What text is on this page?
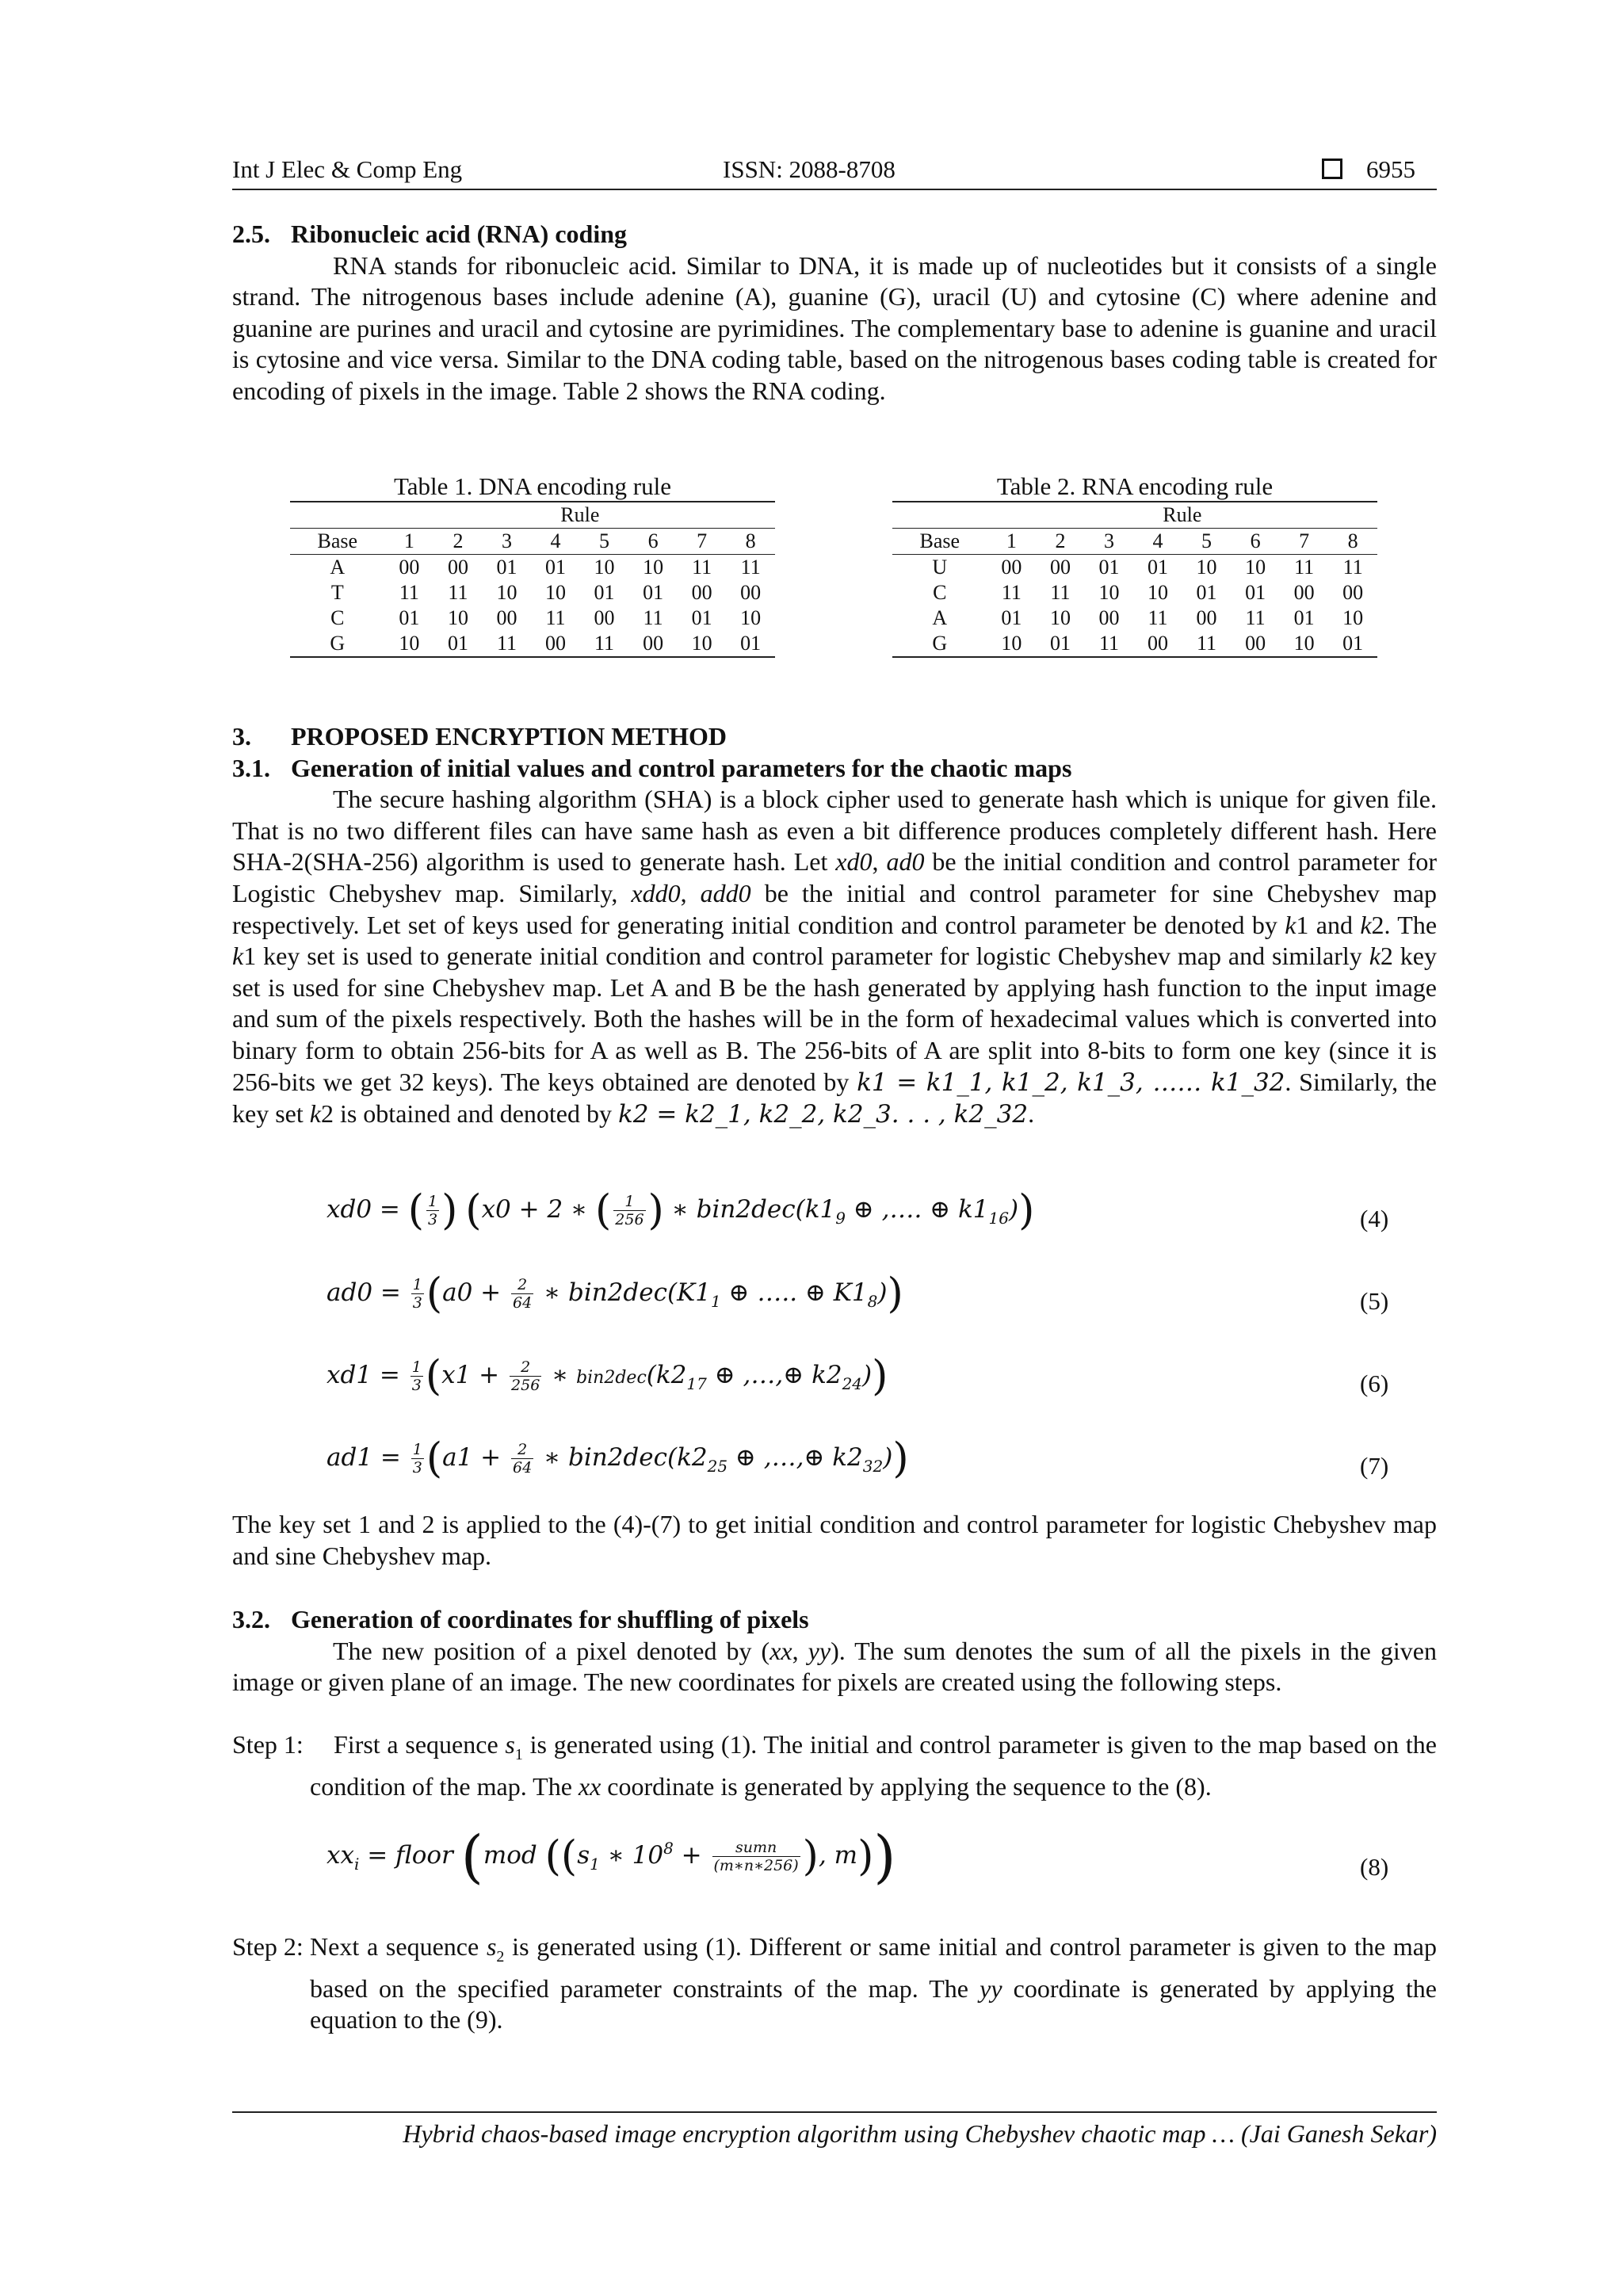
Int J Elec & Comp Eng	ISSN: 2088-8708	6955
2.5. Ribonucleic acid (RNA) coding

RNA stands for ribonucleic acid. Similar to DNA, it is made up of nucleotides but it consists of a single strand. The nitrogenous bases include adenine (A), guanine (G), uracil (U) and cytosine (C) where adenine and guanine are purines and uracil and cytosine are pyrimidines. The complementary base to adenine is guanine and uracil is cytosine and vice versa. Similar to the DNA coding table, based on the nitrogenous bases coding table is created for encoding of pixels in the image. Table 2 shows the RNA coding.

Table 1. DNA encoding rule
	Rule							
Base	1	2	3	4	5	6	7	8
A	00	00	01	01	10	10	11	11
T	11	11	10	10	01	01	00	00
C	01	10	00	11	00	11	01	10
G	10	01	11	00	11	00	10	01
Table 2. RNA encoding rule
	Rule							
Base	1	2	3	4	5	6	7	8
U	00	00	01	01	10	10	11	11
C	11	11	10	10	01	01	00	00
A	01	10	00	11	00	11	01	10
G	10	01	11	00	11	00	10	01
3. PROPOSED ENCRYPTION METHOD
3.1. Generation of initial values and control parameters for the chaotic maps

The secure hashing algorithm (SHA) is a block cipher used to generate hash which is unique for given file. That is no two different files can have same hash as even a bit difference produces completely different hash. Here SHA-2(SHA-256) algorithm is used to generate hash. Let xd0, ad0 be the initial condition and control parameter for Logistic Chebyshev map. Similarly, xdd0, add0 be the initial and control parameter for sine Chebyshev map respectively. Let set of keys used for generating initial condition and control parameter be denoted by k1 and k2. The k1 key set is used to generate initial condition and control parameter for logistic Chebyshev map and similarly k2 key set is used for sine Chebyshev map. Let A and B be the hash generated by applying hash function to the input image and sum of the pixels respectively. Both the hashes will be in the form of hexadecimal values which is converted into binary form to obtain 256-bits for A as well as B. The 256-bits of A are split into 8-bits to form one key (since it is 256-bits we get 32 keys). The keys obtained are denoted by k1 = k1_1, k1_2, k1_3, …… k1_32. Similarly, the key set k2 is obtained and denoted by k2 = k2_1, k2_2, k2_3. . . , k2_32.

xd0 = ( $\frac{1}{3}$ ) (x0 + 2 ∗ ( $\frac{1}{256}$ ) ∗ $bin2dec(k1_9$ ⊕ ,…. ⊕ $k1_{16}$))	(4)
$ad0 = \frac{1}{3} (a0 + \frac{2}{64}$ ∗ $bin2dec(K1_1$ ⊕ ….. ⊕ $K1_8$))	(5)
$xd1 = \frac{1}{3} (x1 + \frac{2}{256}$ ∗ $bin2dec(k2_{17}$ ⊕ ,…,⊕ $k2_{24}$))	(6)
$ad1 = \frac{1}{3} (a1 + \frac{2}{64}$ ∗ $bin2dec(k2_{25}$ ⊕ ,…,⊕ $k2_{32}$))	(7)

The key set 1 and 2 is applied to the (4)-(7) to get initial condition and control parameter for logistic Chebyshev map and sine Chebyshev map.

3.2. Generation of coordinates for shuffling of pixels

The new position of a pixel denoted by (xx, yy). The sum denotes the sum of all the pixels in the given image or given plane of an image. The new coordinates for pixels are created using the following steps.

Step 1:	First a sequence $s_1$ is generated using (1). The initial and control parameter is given to the map based on the condition of the map. The xx coordinate is generated by applying the sequence to the (8).
$xx_i$ = floor (mod (($s_1$ ∗ $10^8 + \frac{\text{sumn}}{(m∗n∗256)}$ ), m))	(8)
Step 2: Next a sequence $s_2$ is generated using (1). Different or same initial and control parameter is given to the map based on the specified parameter constraints of the map. The yy coordinate is generated by applying the equation to the (9).
Hybrid chaos-based image encryption algorithm using Chebyshev chaotic map … (Jai Ganesh Sekar)
